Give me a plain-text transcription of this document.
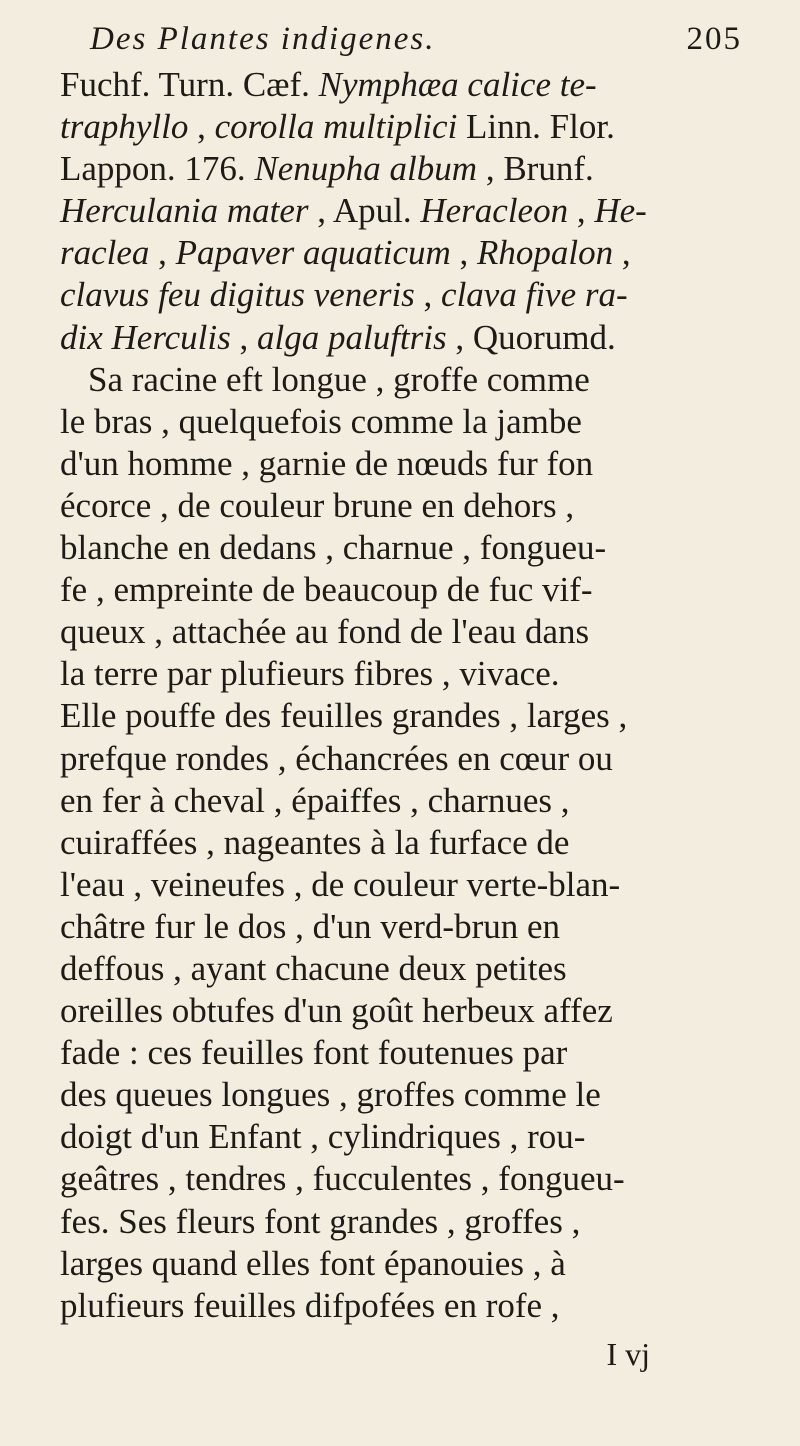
Des Plantes indigenes.	205
Fuchf. Turn. Cæf. Nymphæa calice te-
traphyllo , corolla multiplici Linn. Flor.
Lappon. 176. Nenupha album , Brunf.
Herculania mater , Apul. Heracleon , He-
raclea , Papaver aquaticum , Rhopalon ,
clavus feu digitus veneris , clava five ra-
dix Herculis , alga paluftris , Quorumd.
Sa racine eft longue , groffe comme
le bras , quelquefois comme la jambe
d'un homme , garnie de nœuds fur fon
écorce , de couleur brune en dehors ,
blanche en dedans , charnue , fongueu-
fe , empreinte de beaucoup de fuc vif-
queux , attachée au fond de l'eau dans
la terre par plufieurs fibres , vivace.
Elle pouffe des feuilles grandes , larges ,
prefque rondes , échancrées en cœur ou
en fer à cheval , épaiffes , charnues ,
cuiraffées , nageantes à la furface de
l'eau , veineufes , de couleur verte-blan-
châtre fur le dos , d'un verd-brun en
deffous , ayant chacune deux petites
oreilles obtufes d'un goût herbeux affez
fade : ces feuilles font foutenues par
des queues longues , groffes comme le
doigt d'un Enfant , cylindriques , rou-
geâtres , tendres , fucculentes , fongueu-
fes. Ses fleurs font grandes , groffes ,
larges quand elles font épanouies , à
plufieurs feuilles difpofées en rofe ,
I vj
